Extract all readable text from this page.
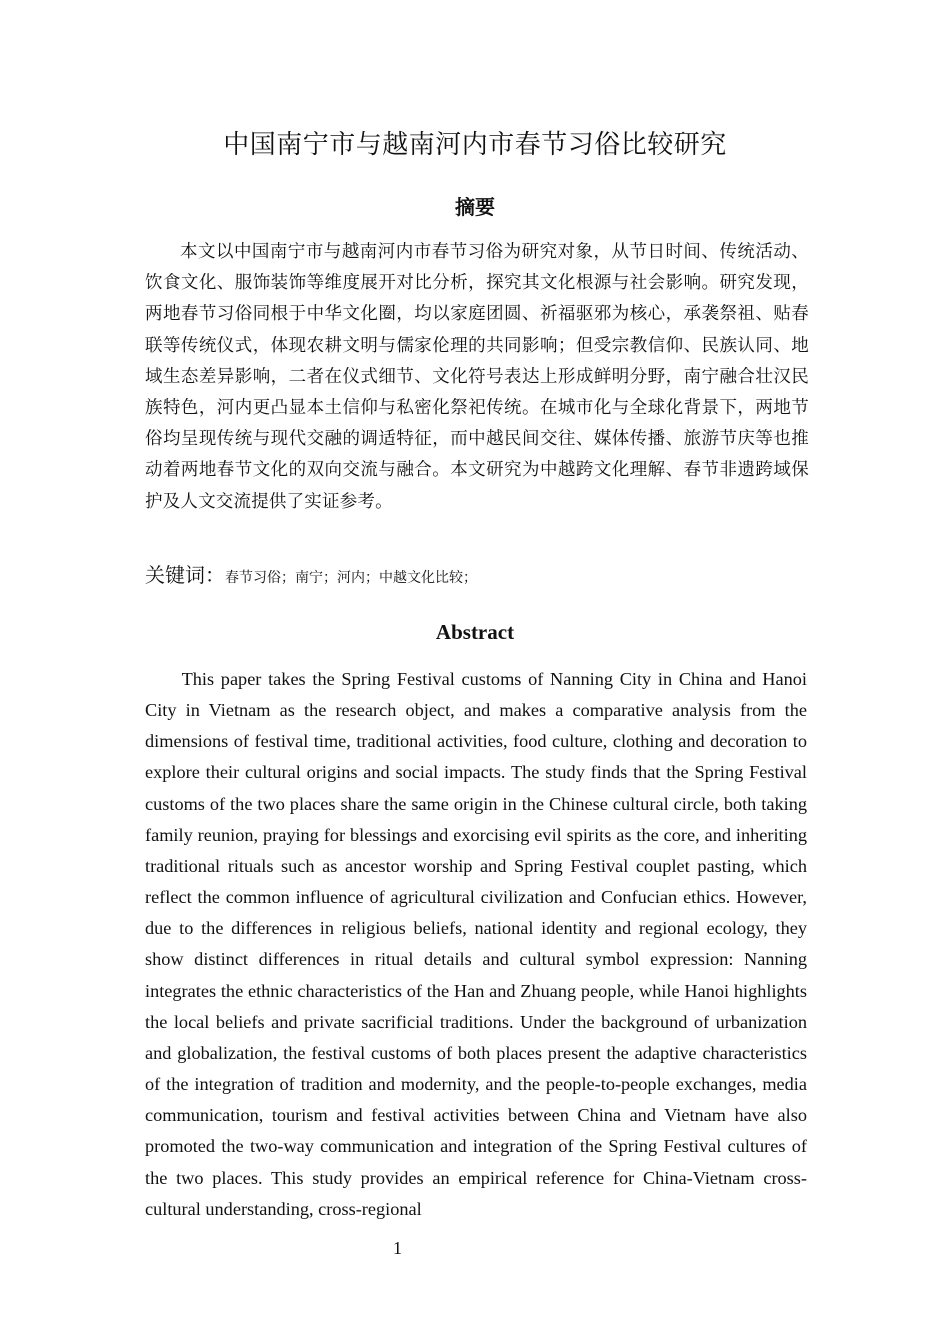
中国南宁市与越南河内市春节习俗比较研究
摘要

本文以中国南宁市与越南河内市春节习俗为研究对象，从节日时间、传统活动、饮食文化、服饰装饰等维度展开对比分析，探究其文化根源与社会影响。研究发现，两地春节习俗同根于中华文化圈，均以家庭团圆、祈福驱邪为核心，承袭祭祖、贴春联等传统仪式，体现农耕文明与儒家伦理的共同影响；但受宗教信仰、民族认同、地域生态差异影响，二者在仪式细节、文化符号表达上形成鲜明分野，南宁融合壮汉民族特色，河内更凸显本土信仰与私密化祭祀传统。在城市化与全球化背景下，两地节俗均呈现传统与现代交融的调适特征，而中越民间交往、媒体传播、旅游节庆等也推动着两地春节文化的双向交流与融合。本文研究为中越跨文化理解、春节非遗跨域保护及人文交流提供了实证参考。

关键词：春节习俗；南宁；河内；中越文化比较；

Abstract

This paper takes the Spring Festival customs of Nanning City in China and Hanoi City in Vietnam as the research object, and makes a comparative analysis from the dimensions of festival time, traditional activities, food culture, clothing and decoration to explore their cultural origins and social impacts. The study finds that the Spring Festival customs of the two places share the same origin in the Chinese cultural circle, both taking family reunion, praying for blessings and exorcising evil spirits as the core, and inheriting traditional rituals such as ancestor worship and Spring Festival couplet pasting, which reflect the common influence of agricultural civilization and Confucian ethics. However, due to the differences in religious beliefs, national identity and regional ecology, they show distinct differences in ritual details and cultural symbol expression: Nanning integrates the ethnic characteristics of the Han and Zhuang people, while Hanoi highlights the local beliefs and private sacrificial traditions. Under the background of urbanization and globalization, the festival customs of both places present the adaptive characteristics of the integration of tradition and modernity, and the people-to-people exchanges, media communication, tourism and festival activities between China and Vietnam have also promoted the two-way communication and integration of the Spring Festival cultures of the two places. This study provides an empirical reference for China-Vietnam cross-cultural understanding, cross-regional

1
